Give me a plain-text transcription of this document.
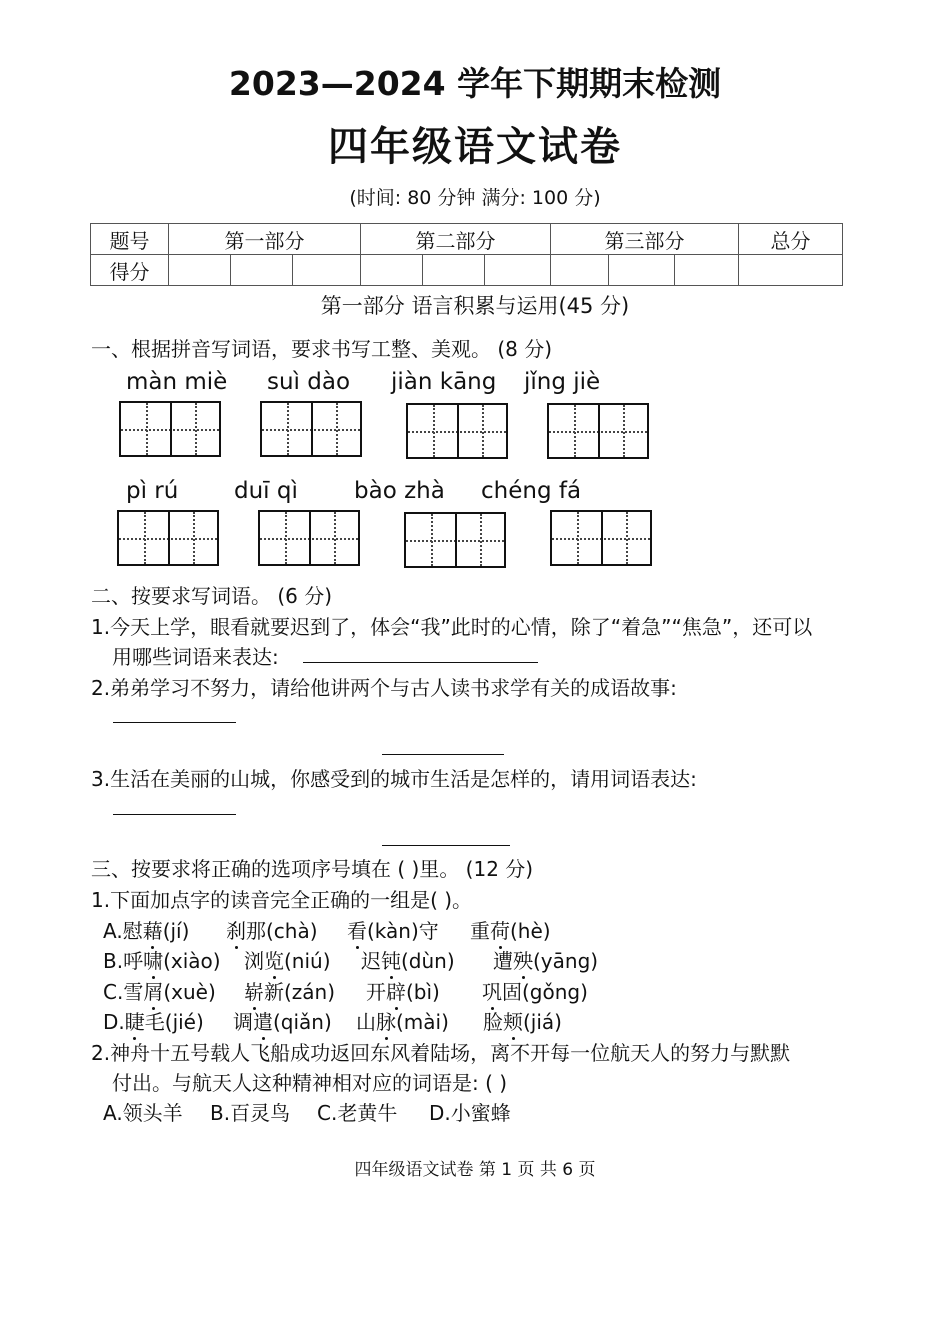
2023—2024 学年下期期末检测
四年级语文试卷
(时间: 80 分钟 满分: 100 分)
题号	第一部分			第二部分			第三部分			总分
得分										
第一部分 语言积累与运用(45 分)
一、根据拼音写词语，要求书写工整、美观。 (8 分)
màn miè suì dào jiàn kāng jǐng jiè
pì rú duī qì bào zhà chéng fá
二、按要求写词语。 (6 分)
1.今天上学，眼看就要迟到了，体会“我”此时的心情，除了“着急”“焦急”，还可以
用哪些词语来表达:
2.弟弟学习不努力，请给他讲两个与古人读书求学有关的成语故事:
3.生活在美丽的山城，你感受到的城市生活是怎样的，请用词语表达:
三、按要求将正确的选项序号填在 ( )里。 (12 分)
1.下面加点字的读音完全正确的一组是( )。
A.慰藉(jí) 刹那(chà) 看(kàn)守 重荷(hè)
B.呼啸(xiào) 浏览(niú) 迟钝(dùn) 遭殃(yāng)
C.雪屑(xuè) 崭新(zán) 开辟(bì) 巩固(gǒng)
D.睫毛(jié) 调遣(qiǎn) 山脉(mài) 脸颊(jiá)
2.神舟十五号载人飞船成功返回东风着陆场，离不开每一位航天人的努力与默默
付出。与航天人这种精神相对应的词语是: ( )
A.领头羊 B.百灵鸟 C.老黄牛 D.小蜜蜂
四年级语文试卷 第 1 页 共 6 页
